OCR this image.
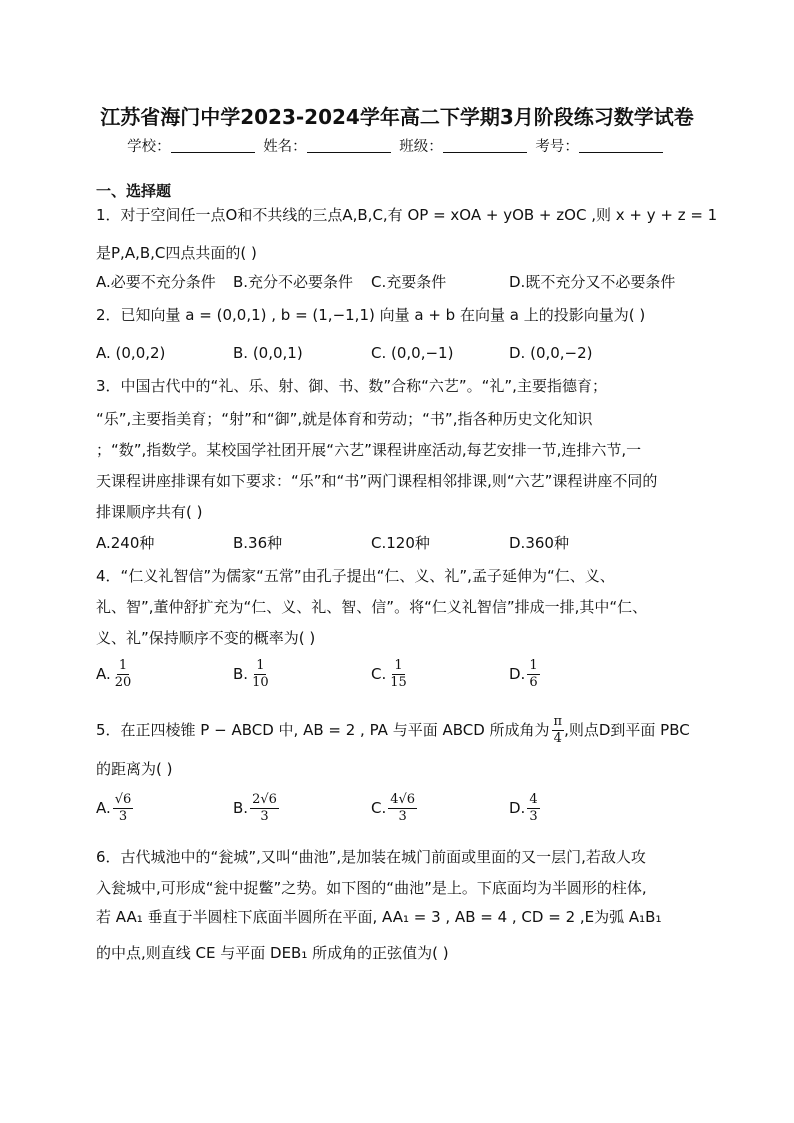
江苏省海门中学2023-2024学年高二下学期3月阶段练习数学试卷
学校：	姓名：	班级：	考号：
一、选择题
1．对于空间任一点O和不共线的三点A,B,C,有 OP = xOA + yOB + zOC ,则 x + y + z = 1
是P,A,B,C四点共面的( )
A.必要不充分条件 B.充分不必要条件 C.充要条件	D.既不充分又不必要条件
2．已知向量 a = (0,0,1) , b = (1,−1,1) 向量 a + b 在向量 a 上的投影向量为( )
A. (0,0,2)	B. (0,0,1)	C. (0,0,−1)	D. (0,0,−2)
3．中国古代中的“礼、乐、射、御、书、数”合称“六艺”。“礼”,主要指德育；
“乐”,主要指美育；“射”和“御”,就是体育和劳动；“书”,指各种历史文化知识
；“数”,指数学。某校国学社团开展“六艺”课程讲座活动,每艺安排一节,连排六节,一
天课程讲座排课有如下要求：“乐”和“书”两门课程相邻排课,则“六艺”课程讲座不同的
排课顺序共有( )
A.240种	B.36种	C.120种	D.360种
4．“仁义礼智信”为儒家“五常”由孔子提出“仁、义、礼”,孟子延伸为“仁、义、
礼、智”,董仲舒扩充为“仁、义、礼、智、信”。将“仁义礼智信”排成一排,其中“仁、
义、礼”保持顺序不变的概率为( )
A. $\frac{1}{20}$	B. $\frac{1}{10}$	C. $\frac{1}{15}$	D. $\frac{1}{6}$
5．在正四棱锥 P − ABCD 中, AB = 2 , PA 与平面 ABCD 所成角为 $\frac{\pi}{4}$ ,则点D到平面 PBC
的距离为( )
A. $\frac{√6}{3}$	B. $\frac{2√6}{3}$	C. $\frac{4√6}{3}$	D. $\frac{4}{3}$
6．古代城池中的“瓮城”,又叫“曲池”,是加装在城门前面或里面的又一层门,若敌人攻
入瓮城中,可形成“瓮中捉鳖”之势。如下图的“曲池”是上。下底面均为半圆形的柱体,
若 AA₁ 垂直于半圆柱下底面半圆所在平面, AA₁ = 3 , AB = 4 , CD = 2 ,E为弧 A₁B₁
的中点,则直线 CE 与平面 DEB₁ 所成角的正弦值为( )
